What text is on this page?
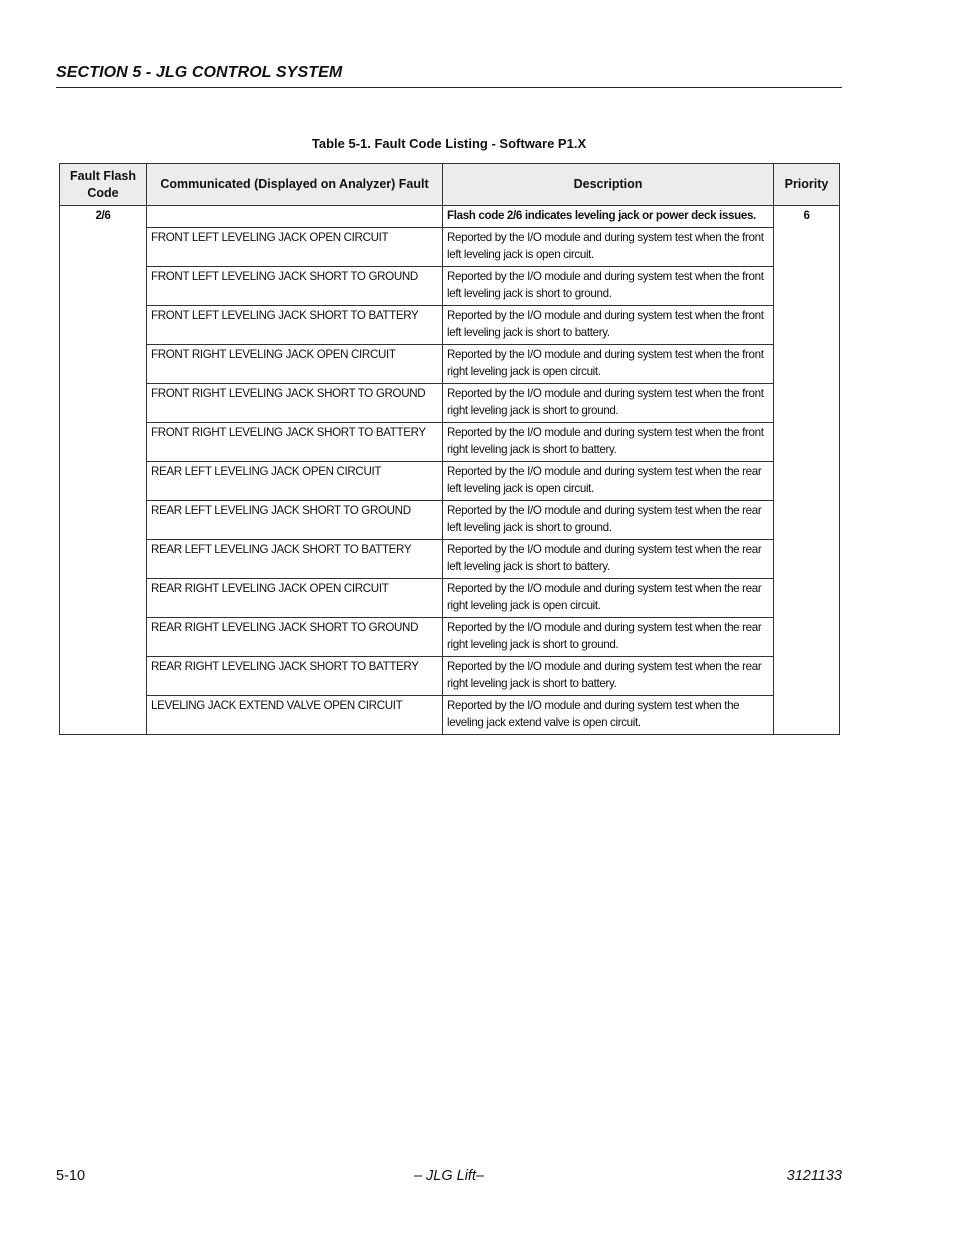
SECTION 5 - JLG CONTROL SYSTEM
Table 5-1. Fault Code Listing - Software P1.X
Fault Flash Code	Communicated (Displayed on Analyzer) Fault	Description	Priority
2/6		Flash code 2/6 indicates leveling jack or power deck issues.	6
	FRONT LEFT LEVELING JACK OPEN CIRCUIT	Reported by the I/O module and during system test when the front left leveling jack is open circuit.	
	FRONT LEFT LEVELING JACK SHORT TO GROUND	Reported by the I/O module and during system test when the front left leveling jack is short to ground.	
	FRONT LEFT LEVELING JACK SHORT TO BATTERY	Reported by the I/O module and during system test when the front left leveling jack is short to battery.	
	FRONT RIGHT LEVELING JACK OPEN CIRCUIT	Reported by the I/O module and during system test when the front right leveling jack is open circuit.	
	FRONT RIGHT LEVELING JACK SHORT TO GROUND	Reported by the I/O module and during system test when the front right leveling jack is short to ground.	
	FRONT RIGHT LEVELING JACK SHORT TO BATTERY	Reported by the I/O module and during system test when the front right leveling jack is short to battery.	
	REAR LEFT LEVELING JACK OPEN CIRCUIT	Reported by the I/O module and during system test when the rear left leveling jack is open circuit.	
	REAR LEFT LEVELING JACK SHORT TO GROUND	Reported by the I/O module and during system test when the rear left leveling jack is short to ground.	
	REAR LEFT LEVELING JACK SHORT TO BATTERY	Reported by the I/O module and during system test when the rear left leveling jack is short to battery.	
	REAR RIGHT LEVELING JACK OPEN CIRCUIT	Reported by the I/O module and during system test when the rear right leveling jack is open circuit.	
	REAR RIGHT LEVELING JACK SHORT TO GROUND	Reported by the I/O module and during system test when the rear right leveling jack is short to ground.	
	REAR RIGHT LEVELING JACK SHORT TO BATTERY	Reported by the I/O module and during system test when the rear right leveling jack is short to battery.	
	LEVELING JACK EXTEND VALVE OPEN CIRCUIT	Reported by the I/O module and during system test when the leveling jack extend valve is open circuit.	
5-10	– JLG Lift–	3121133
